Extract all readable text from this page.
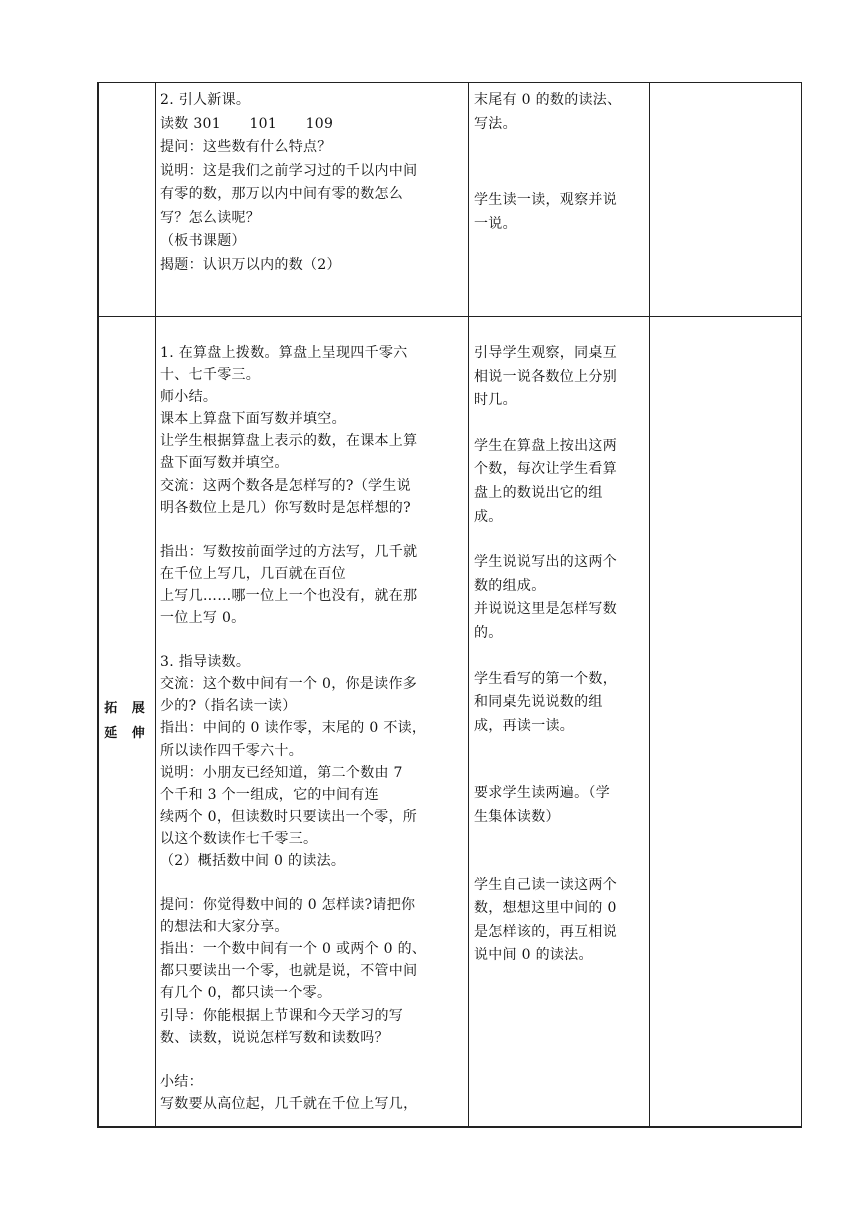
2. 引人新课。

读数 301      101      109

提问：这些数有什么特点？

说明：这是我们之前学习过的千以内中间

有零的数，那万以内中间有零的数怎么

写？怎么读呢？

（板书课题）

揭题：认识万以内的数（2）

末尾有 0 的数的读法、

写法。

学生读一读，观察并说

一说。

拓 展

延 伸

1. 在算盘上拨数。算盘上呈现四千零六

十、七千零三。

师小结。

课本上算盘下面写数并填空。

让学生根据算盘上表示的数，在课本上算

盘下面写数并填空。

交流：这两个数各是怎样写的?（学生说

明各数位上是几）你写数时是怎样想的?

指出：写数按前面学过的方法写，几千就

在千位上写几，几百就在百位

上写几……哪一位上一个也没有，就在那

一位上写 0。

3. 指导读数。

交流：这个数中间有一个 0，你是读作多

少的?（指名读一读）

指出：中间的 0 读作零，末尾的 0 不读，

所以读作四千零六十。

说明：小朋友已经知道，第二个数由 7

个千和 3 个一组成，它的中间有连

续两个 0，但读数时只要读出一个零，所

以这个数读作七千零三。

（2）概括数中间 0 的读法。

提问：你觉得数中间的 0 怎样读?请把你

的想法和大家分享。

指出：一个数中间有一个 0 或两个 0 的、

都只要读出一个零，也就是说，不管中间

有几个 0，都只读一个零。

引导：你能根据上节课和今天学习的写

数、读数，说说怎样写数和读数吗？

小结：

写数要从高位起，几千就在千位上写几，

引导学生观察，同桌互

相说一说各数位上分别

时几。

学生在算盘上按出这两

个数，每次让学生看算

盘上的数说出它的组

成。

学生说说写出的这两个

数的组成。

并说说这里是怎样写数

的。

学生看写的第一个数，

和同桌先说说数的组

成，再读一读。

要求学生读两遍。（学

生集体读数）

学生自己读一读这两个

数，想想这里中间的 0

是怎样该的，再互相说

说中间 0 的读法。
